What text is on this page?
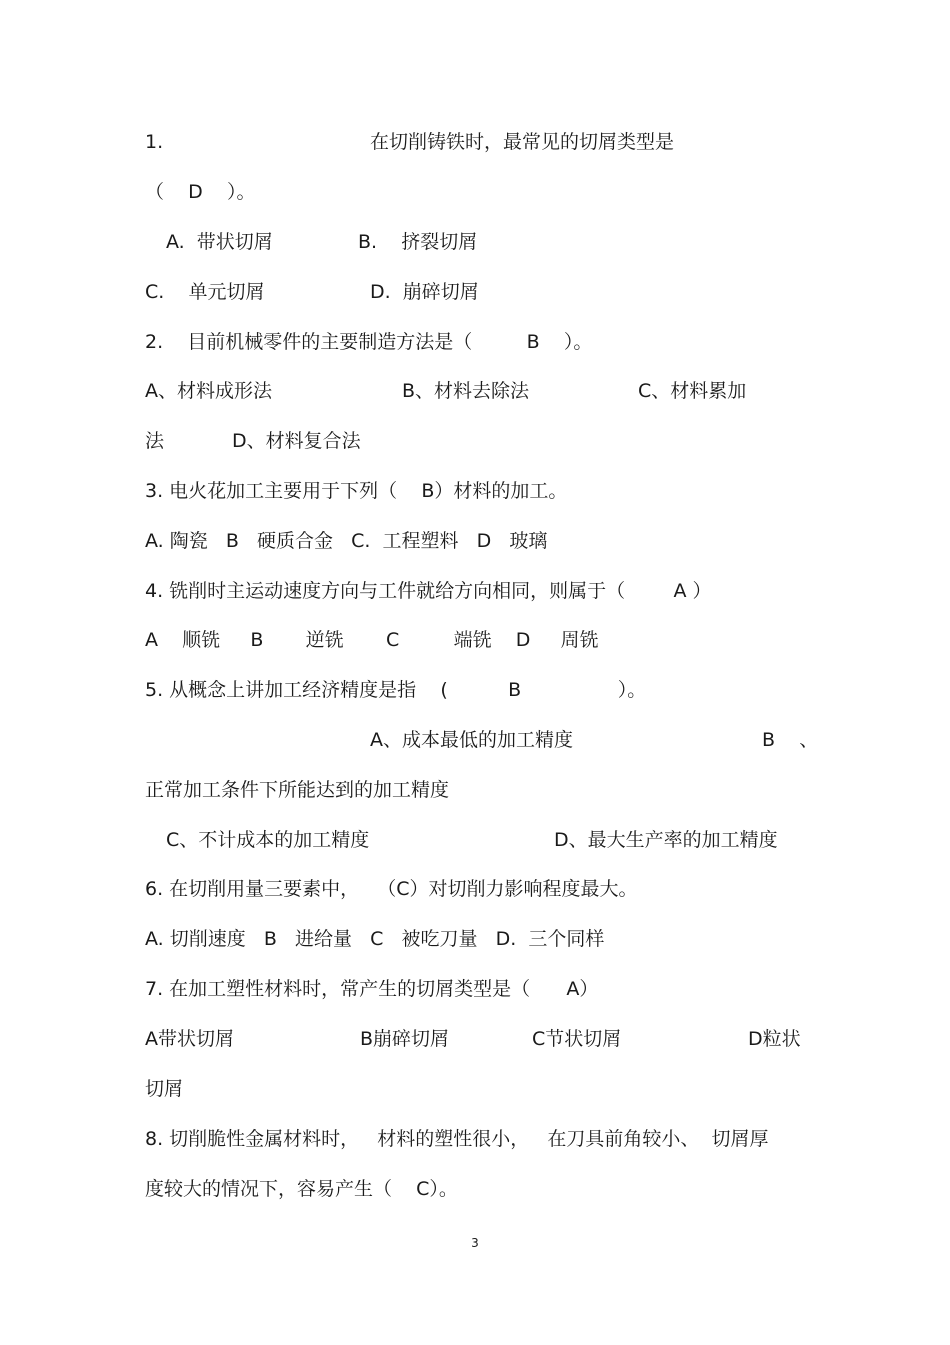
1.	在切削铸铁时，最常见的切屑类型是
（    D    ）。
A.  带状切屑	B.    挤裂切屑
C.    单元切屑	D.  崩碎切屑
2.    目前机械零件的主要制造方法是（         B    ）。
A、材料成形法	B、材料去除法	C、材料累加
法	D、材料复合法
3. 电火花加工主要用于下列（    B）材料的加工。
A. 陶瓷   B   硬质合金   C.  工程塑料   D   玻璃
4. 铣削时主运动速度方向与工件就给方向相同，则属于（        A ）
A    顺铣     B       逆铣       C         端铣    D     周铣
5. 从概念上讲加工经济精度是指    (          B                ）。
A、成本最低的加工精度	B    、
正常加工条件下所能达到的加工精度
C、不计成本的加工精度	D、最大生产率的加工精度
6. 在切削用量三要素中，   （C）对切削力影响程度最大。
A. 切削速度   B   进给量   C   被吃刀量   D.  三个同样
7. 在加工塑性材料时，常产生的切屑类型是（      A）
A带状切屑	B崩碎切屑	C节状切屑	D粒状
切屑
8. 切削脆性金属材料时，   材料的塑性很小，   在刀具前角较小、  切屑厚
度较大的情况下，容易产生（    C）。
3
